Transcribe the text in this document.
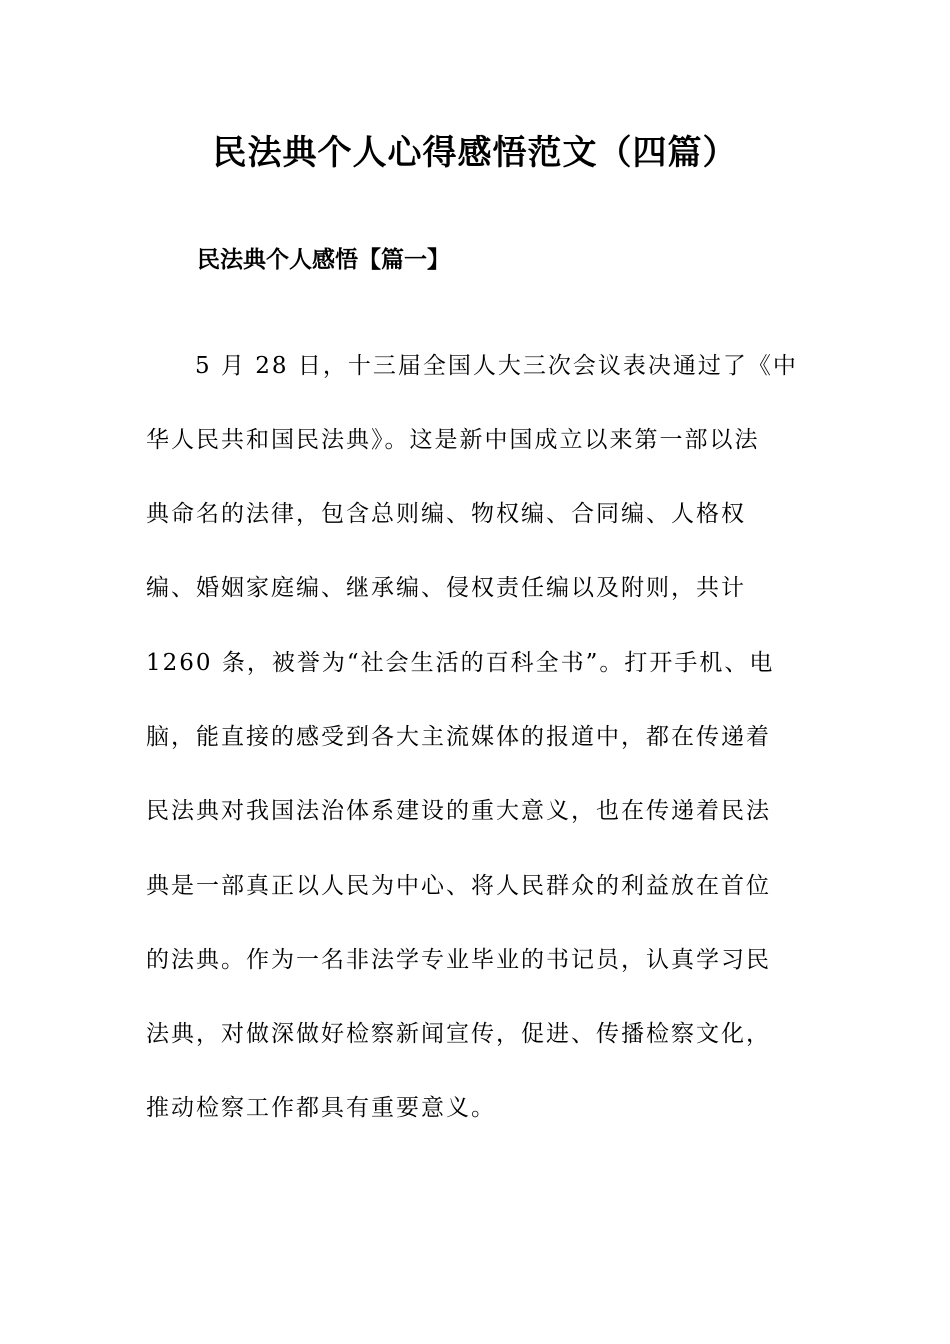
民法典个人心得感悟范文（四篇）
民法典个人感悟【篇一】

5 月 28 日，十三届全国人大三次会议表决通过了《中

华人民共和国民法典》。这是新中国成立以来第一部以法

典命名的法律，包含总则编、物权编、合同编、人格权

编、婚姻家庭编、继承编、侵权责任编以及附则，共计

1260 条，被誉为“社会生活的百科全书”。打开手机、电

脑，能直接的感受到各大主流媒体的报道中，都在传递着

民法典对我国法治体系建设的重大意义，也在传递着民法

典是一部真正以人民为中心、将人民群众的利益放在首位

的法典。作为一名非法学专业毕业的书记员，认真学习民

法典，对做深做好检察新闻宣传，促进、传播检察文化，

推动检察工作都具有重要意义。
